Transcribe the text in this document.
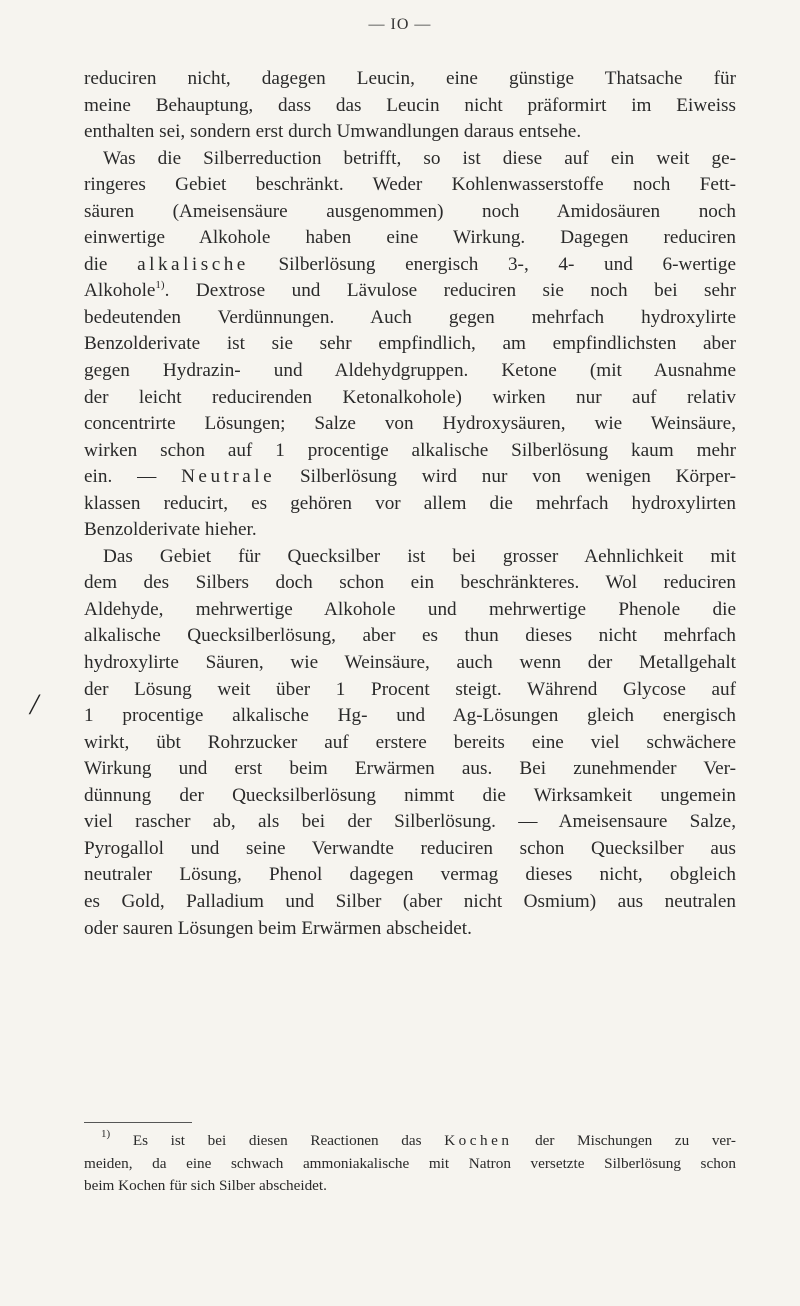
— IO —
/
reduciren nicht, dagegen Leucin, eine günstige Thatsache für
meine Behauptung, dass das Leucin nicht präformirt im Eiweiss
enthalten sei, sondern erst durch Umwandlungen daraus entsehe.
Was die Silberreduction betrifft, so ist diese auf ein weit ge-
ringeres Gebiet beschränkt. Weder Kohlenwasserstoffe noch Fett-
säuren (Ameisensäure ausgenommen) noch Amidosäuren noch
einwertige Alkohole haben eine Wirkung. Dagegen reduciren
die alkalische Silberlösung energisch 3-, 4- und 6-wertige
Alkohole$^{1)}$. Dextrose und Lävulose reduciren sie noch bei sehr
bedeutenden Verdünnungen. Auch gegen mehrfach hydroxylirte
Benzolderivate ist sie sehr empfindlich, am empfindlichsten aber
gegen Hydrazin- und Aldehydgruppen. Ketone (mit Ausnahme
der leicht reducirenden Ketonalkohole) wirken nur auf relativ
concentrirte Lösungen; Salze von Hydroxysäuren, wie Weinsäure,
wirken schon auf 1 procentige alkalische Silberlösung kaum mehr
ein. — Neutrale Silberlösung wird nur von wenigen Körper-
klassen reducirt, es gehören vor allem die mehrfach hydroxylirten
Benzolderivate hieher.
Das Gebiet für Quecksilber ist bei grosser Aehnlichkeit mit
dem des Silbers doch schon ein beschränkteres. Wol reduciren
Aldehyde, mehrwertige Alkohole und mehrwertige Phenole die
alkalische Quecksilberlösung, aber es thun dieses nicht mehrfach
hydroxylirte Säuren, wie Weinsäure, auch wenn der Metallgehalt
der Lösung weit über 1 Procent steigt. Während Glycose auf
1 procentige alkalische Hg- und Ag-Lösungen gleich energisch
wirkt, übt Rohrzucker auf erstere bereits eine viel schwächere
Wirkung und erst beim Erwärmen aus. Bei zunehmender Ver-
dünnung der Quecksilberlösung nimmt die Wirksamkeit ungemein
viel rascher ab, als bei der Silberlösung. — Ameisensaure Salze,
Pyrogallol und seine Verwandte reduciren schon Quecksilber aus
neutraler Lösung, Phenol dagegen vermag dieses nicht, obgleich
es Gold, Palladium und Silber (aber nicht Osmium) aus neutralen
oder sauren Lösungen beim Erwärmen abscheidet.
$^{1)}$ Es ist bei diesen Reactionen das Kochen der Mischungen zu ver-
meiden, da eine schwach ammoniakalische mit Natron versetzte Silberlösung schon
beim Kochen für sich Silber abscheidet.
